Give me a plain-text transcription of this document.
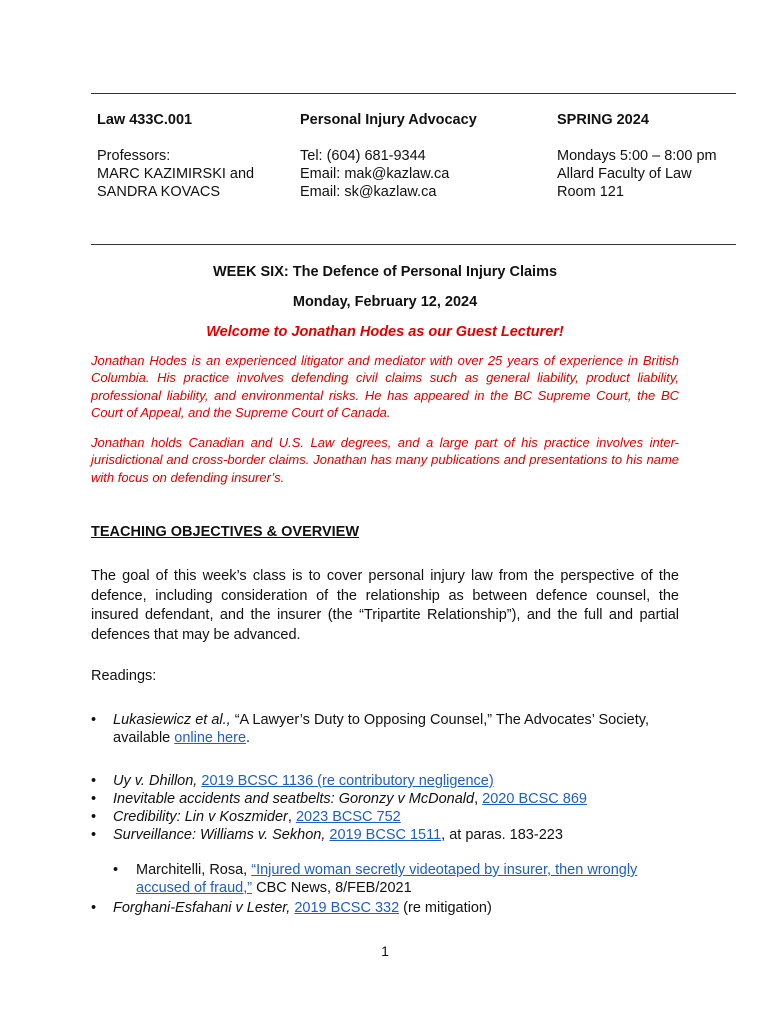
Law 433C.001	Personal Injury Advocacy	SPRING 2024
Professors:
MARC KAZIMIRSKI and
SANDRA KOVACS
Tel: (604) 681-9344
Email: mak@kazlaw.ca
Email: sk@kazlaw.ca
Mondays 5:00 – 8:00 pm
Allard Faculty of Law
Room 121
WEEK SIX: The Defence of Personal Injury Claims
Monday, February 12, 2024
Welcome to Jonathan Hodes as our Guest Lecturer!

Jonathan Hodes is an experienced litigator and mediator with over 25 years of experience in British Columbia. His practice involves defending civil claims such as general liability, product liability, professional liability, and environmental risks. He has appeared in the BC Supreme Court, the BC Court of Appeal, and the Supreme Court of Canada.

Jonathan holds Canadian and U.S. Law degrees, and a large part of his practice involves inter-jurisdictional and cross-border claims. Jonathan has many publications and presentations to his name with focus on defending insurer’s.

TEACHING OBJECTIVES & OVERVIEW

The goal of this week’s class is to cover personal injury law from the perspective of the defence, including consideration of the relationship as between defence counsel, the insured defendant, and the insurer (the “Tripartite Relationship”), and the full and partial defences that may be advanced.

Readings:
• Lukasiewicz et al., “A Lawyer’s Duty to Opposing Counsel,” The Advocates’ Society, available online here.
• Uy v. Dhillon, 2019 BCSC 1136 (re contributory negligence)
• Inevitable accidents and seatbelts: Goronzy v McDonald, 2020 BCSC 869
• Credibility: Lin v Koszmider, 2023 BCSC 752
• Surveillance: Williams v. Sekhon, 2019 BCSC 1511, at paras. 183-223
• Marchitelli, Rosa, “Injured woman secretly videotaped by insurer, then wrongly accused of fraud,” CBC News, 8/FEB/2021
• Forghani-Esfahani v Lester, 2019 BCSC 332 (re mitigation)
1
